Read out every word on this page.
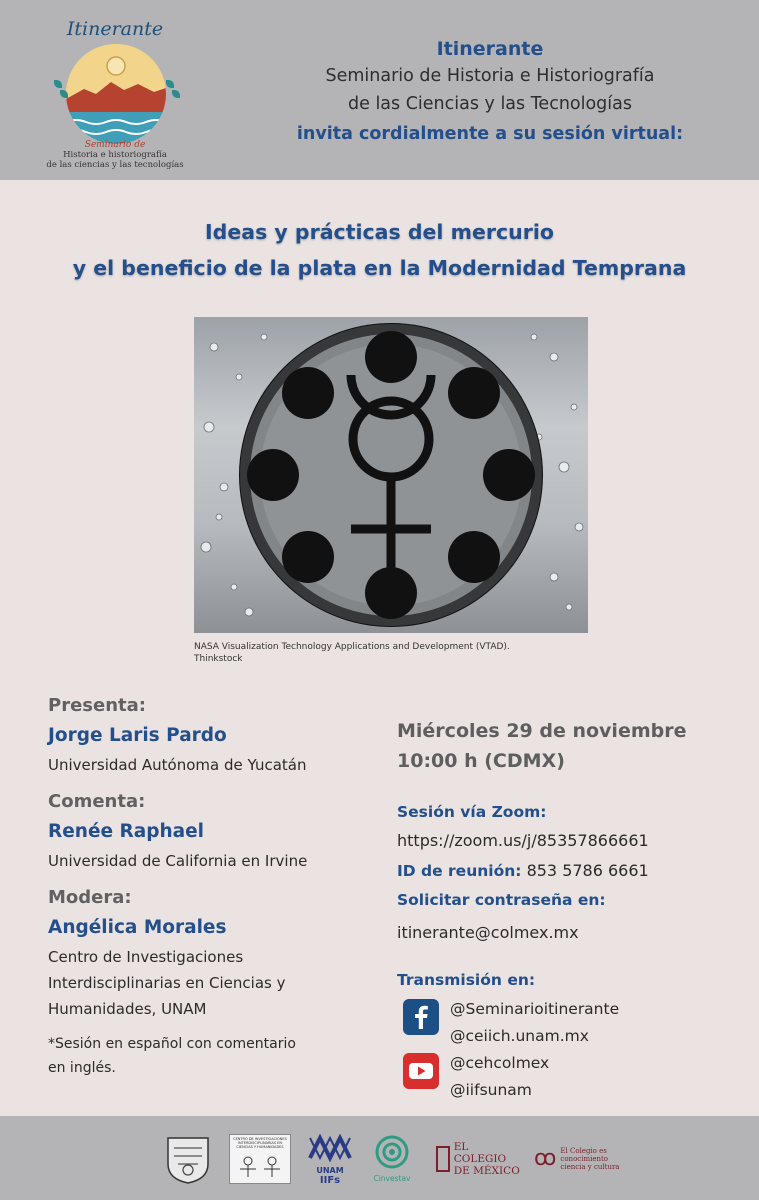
Itinerante
Seminario de
Historia e historiografía
de las ciencias y las tecnologías
Itinerante
Seminario de Historia e Historiografía
de las Ciencias y las Tecnologías
invita cordialmente a su sesión virtual:
Ideas y prácticas del mercurio
y el beneficio de la plata en la Modernidad Temprana
NASA Visualization Technology Applications and Development (VTAD).
Thinkstock
Presenta:
Jorge Laris Pardo
Universidad Autónoma de Yucatán
Comenta:
Renée Raphael
Universidad de California en Irvine
Modera:
Angélica Morales
Centro de Investigaciones
Interdisciplinarias en Ciencias y
Humanidades, UNAM
*Sesión en español con comentario
en inglés.
Miércoles 29 de noviembre
10:00 h (CDMX)
Sesión vía Zoom:
https://zoom.us/j/85357866661
ID de reunión: 853 5786 6661
Solicitar contraseña en:
itinerante@colmex.mx
Transmisión en:
@Seminarioitinerante
@ceiich.unam.mx
@cehcolmex
@iifsunam
CENTRO DE INVESTIGACIONES INTERDISCIPLINARIAS EN CIENCIAS Y HUMANIDADES
UNAM
IIFs	Cinvestav
EL COLEGIO
DE MÉXICO ꝏ El Colegio es
conocimiento
ciencia y cultura
